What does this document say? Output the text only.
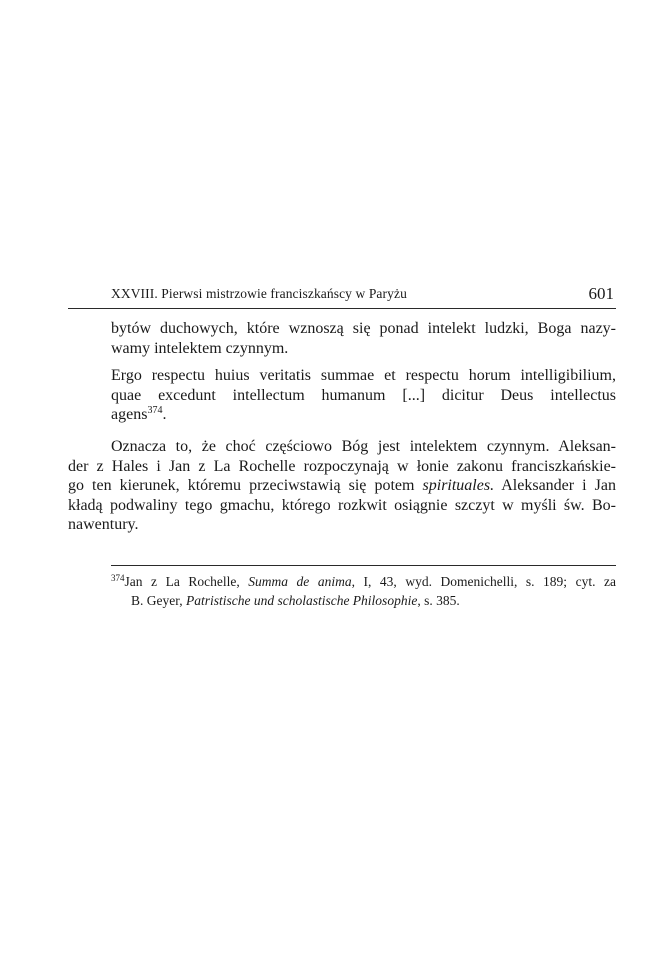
XXVIII. Pierwsi mistrzowie franciszkańscy w Paryżu	601
bytów duchowych, które wznoszą się ponad intelekt ludzki, Boga nazy-
wamy intelektem czynnym.
Ergo respectu huius veritatis summae et respectu horum intelligibilium,
quae excedunt intellectum humanum [...] dicitur Deus intellectus
agens$^{374}$.
Oznacza to, że choć częściowo Bóg jest intelektem czynnym. Aleksan-
der z Hales i Jan z La Rochelle rozpoczynają w łonie zakonu franciszkańskie-
go ten kierunek, któremu przeciwstawią się potem spirituales. Aleksander i Jan
kładą podwaliny tego gmachu, którego rozkwit osiągnie szczyt w myśli św. Bo-
nawentury.
$^{374}$Jan z La Rochelle, Summa de anima, I, 43, wyd. Domenichelli, s. 189; cyt. za
B. Geyer, Patristische und scholastische Philosophie, s. 385.
